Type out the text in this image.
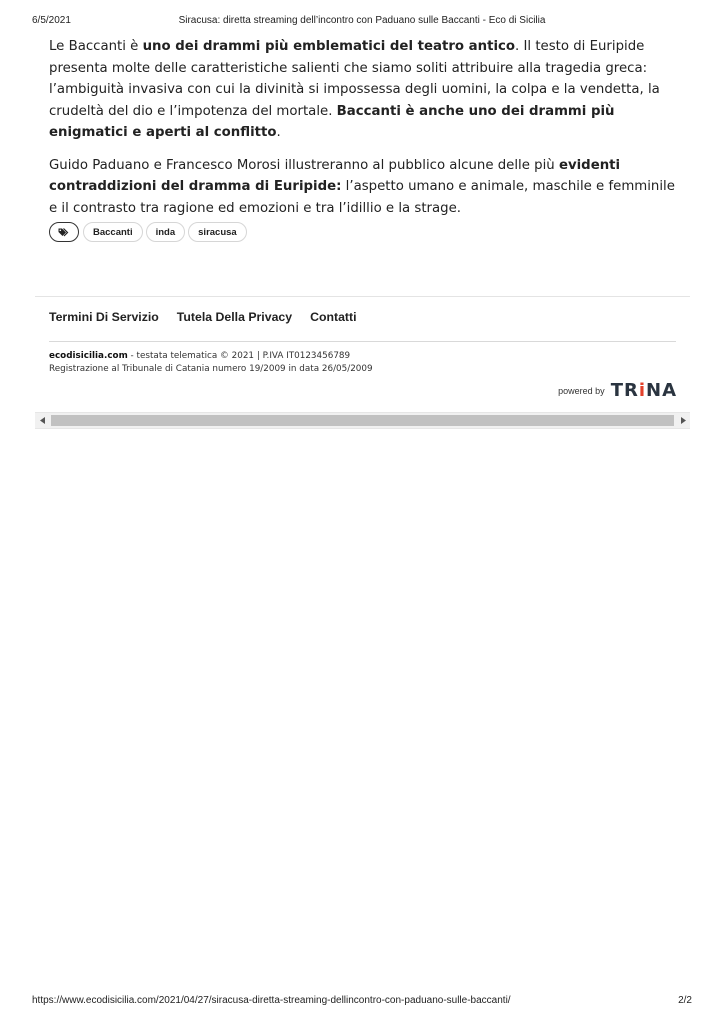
6/5/2021	Siracusa: diretta streaming dell’incontro con Paduano sulle Baccanti - Eco di Sicilia

Le Baccanti è uno dei drammi più emblematici del teatro antico. Il testo di Euripide presenta molte delle caratteristiche salienti che siamo soliti attribuire alla tragedia greca: l’ambiguità invasiva con cui la divinità si impossessa degli uomini, la colpa e la vendetta, la crudeltà del dio e l’impotenza del mortale. Baccanti è anche uno dei drammi più enigmatici e aperti al conflitto.

Guido Paduano e Francesco Morosi illustreranno al pubblico alcune delle più evidenti contraddizioni del dramma di Euripide: l’aspetto umano e animale, maschile e femminile e il contrasto tra ragione ed emozioni e tra l’idillio e la strage.

Baccanti	inda	siracusa
Termini Di Servizio Tutela Della Privacy Contatti
ecodisicilia.com - testata telematica © 2021 | P.IVA IT0123456789
Registrazione al Tribunale di Catania numero 19/2009 in data 26/05/2009
powered by TRiNA
https://www.ecodisicilia.com/2021/04/27/siracusa-diretta-streaming-dellincontro-con-paduano-sulle-baccanti/	2/2
